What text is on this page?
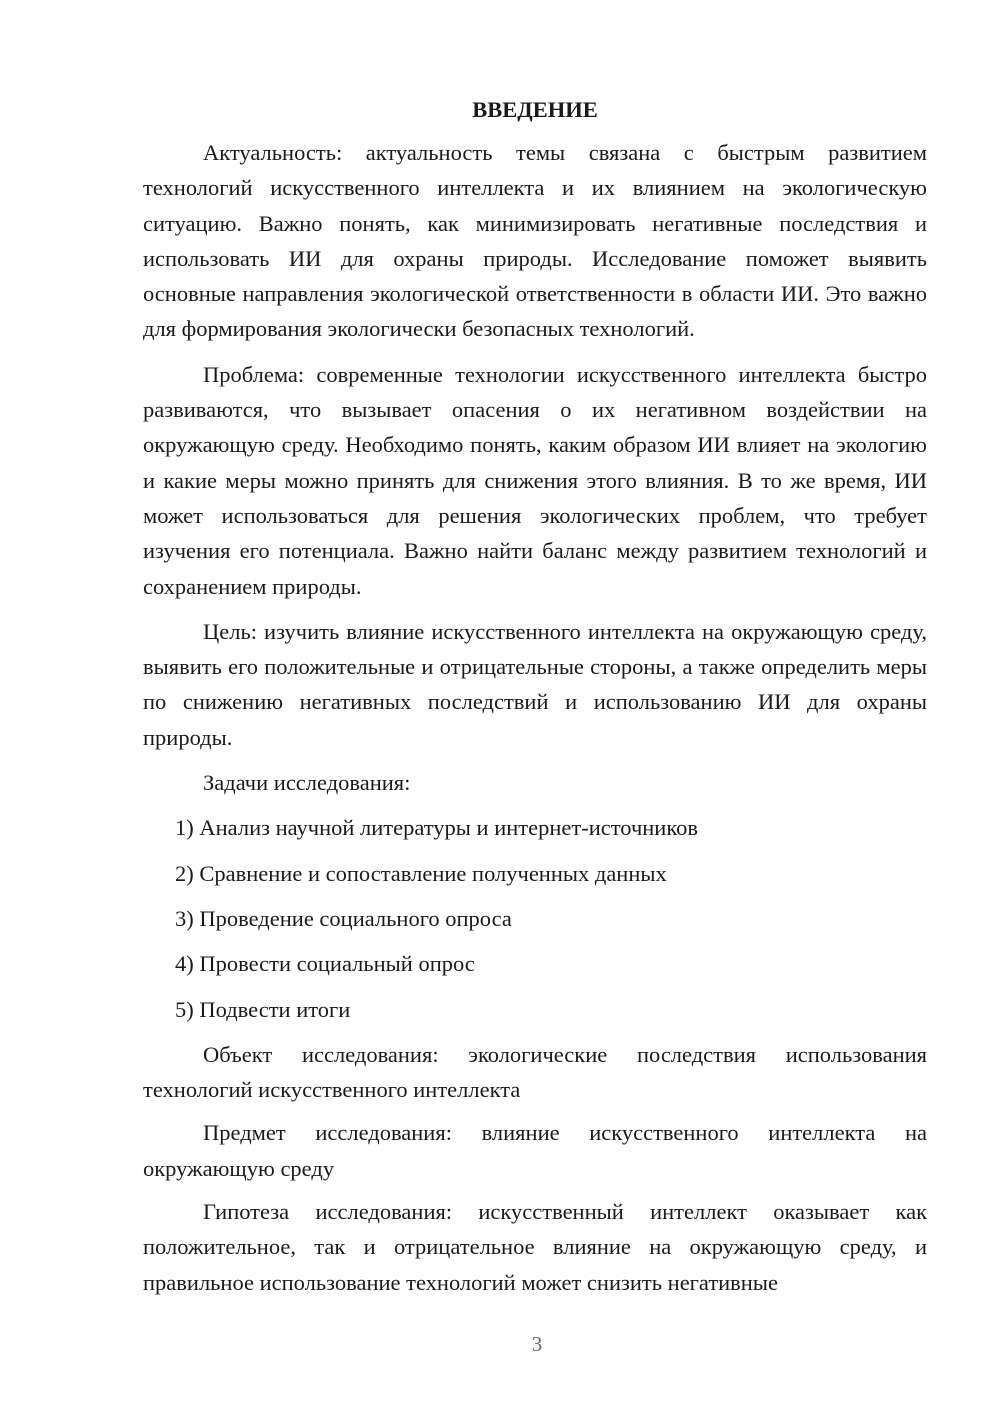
ВВЕДЕНИЕ

Актуальность: актуальность темы связана с быстрым развитием технологий искусственного интеллекта и их влиянием на экологическую ситуацию. Важно понять, как минимизировать негативные последствия и использовать ИИ для охраны природы. Исследование поможет выявить основные направления экологической ответственности в области ИИ. Это важно для формирования экологически безопасных технологий.

Проблема: современные технологии искусственного интеллекта быстро развиваются, что вызывает опасения о их негативном воздействии на окружающую среду. Необходимо понять, каким образом ИИ влияет на экологию и какие меры можно принять для снижения этого влияния. В то же время, ИИ может использоваться для решения экологических проблем, что требует изучения его потенциала. Важно найти баланс между развитием технологий и сохранением природы.

Цель: изучить влияние искусственного интеллекта на окружающую среду, выявить его положительные и отрицательные стороны, а также определить меры по снижению негативных последствий и использованию ИИ для охраны природы.

Задачи исследования:

1) Анализ научной литературы и интернет-источников
2) Сравнение и сопоставление полученных данных
3) Проведение социального опроса
4) Провести социальный опрос
5) Подвести итоги

Объект исследования: экологические последствия использования технологий искусственного интеллекта

Предмет исследования: влияние искусственного интеллекта на окружающую среду

Гипотеза исследования: искусственный интеллект оказывает как положительное, так и отрицательное влияние на окружающую среду, и правильное использование технологий может снизить негативные

3
